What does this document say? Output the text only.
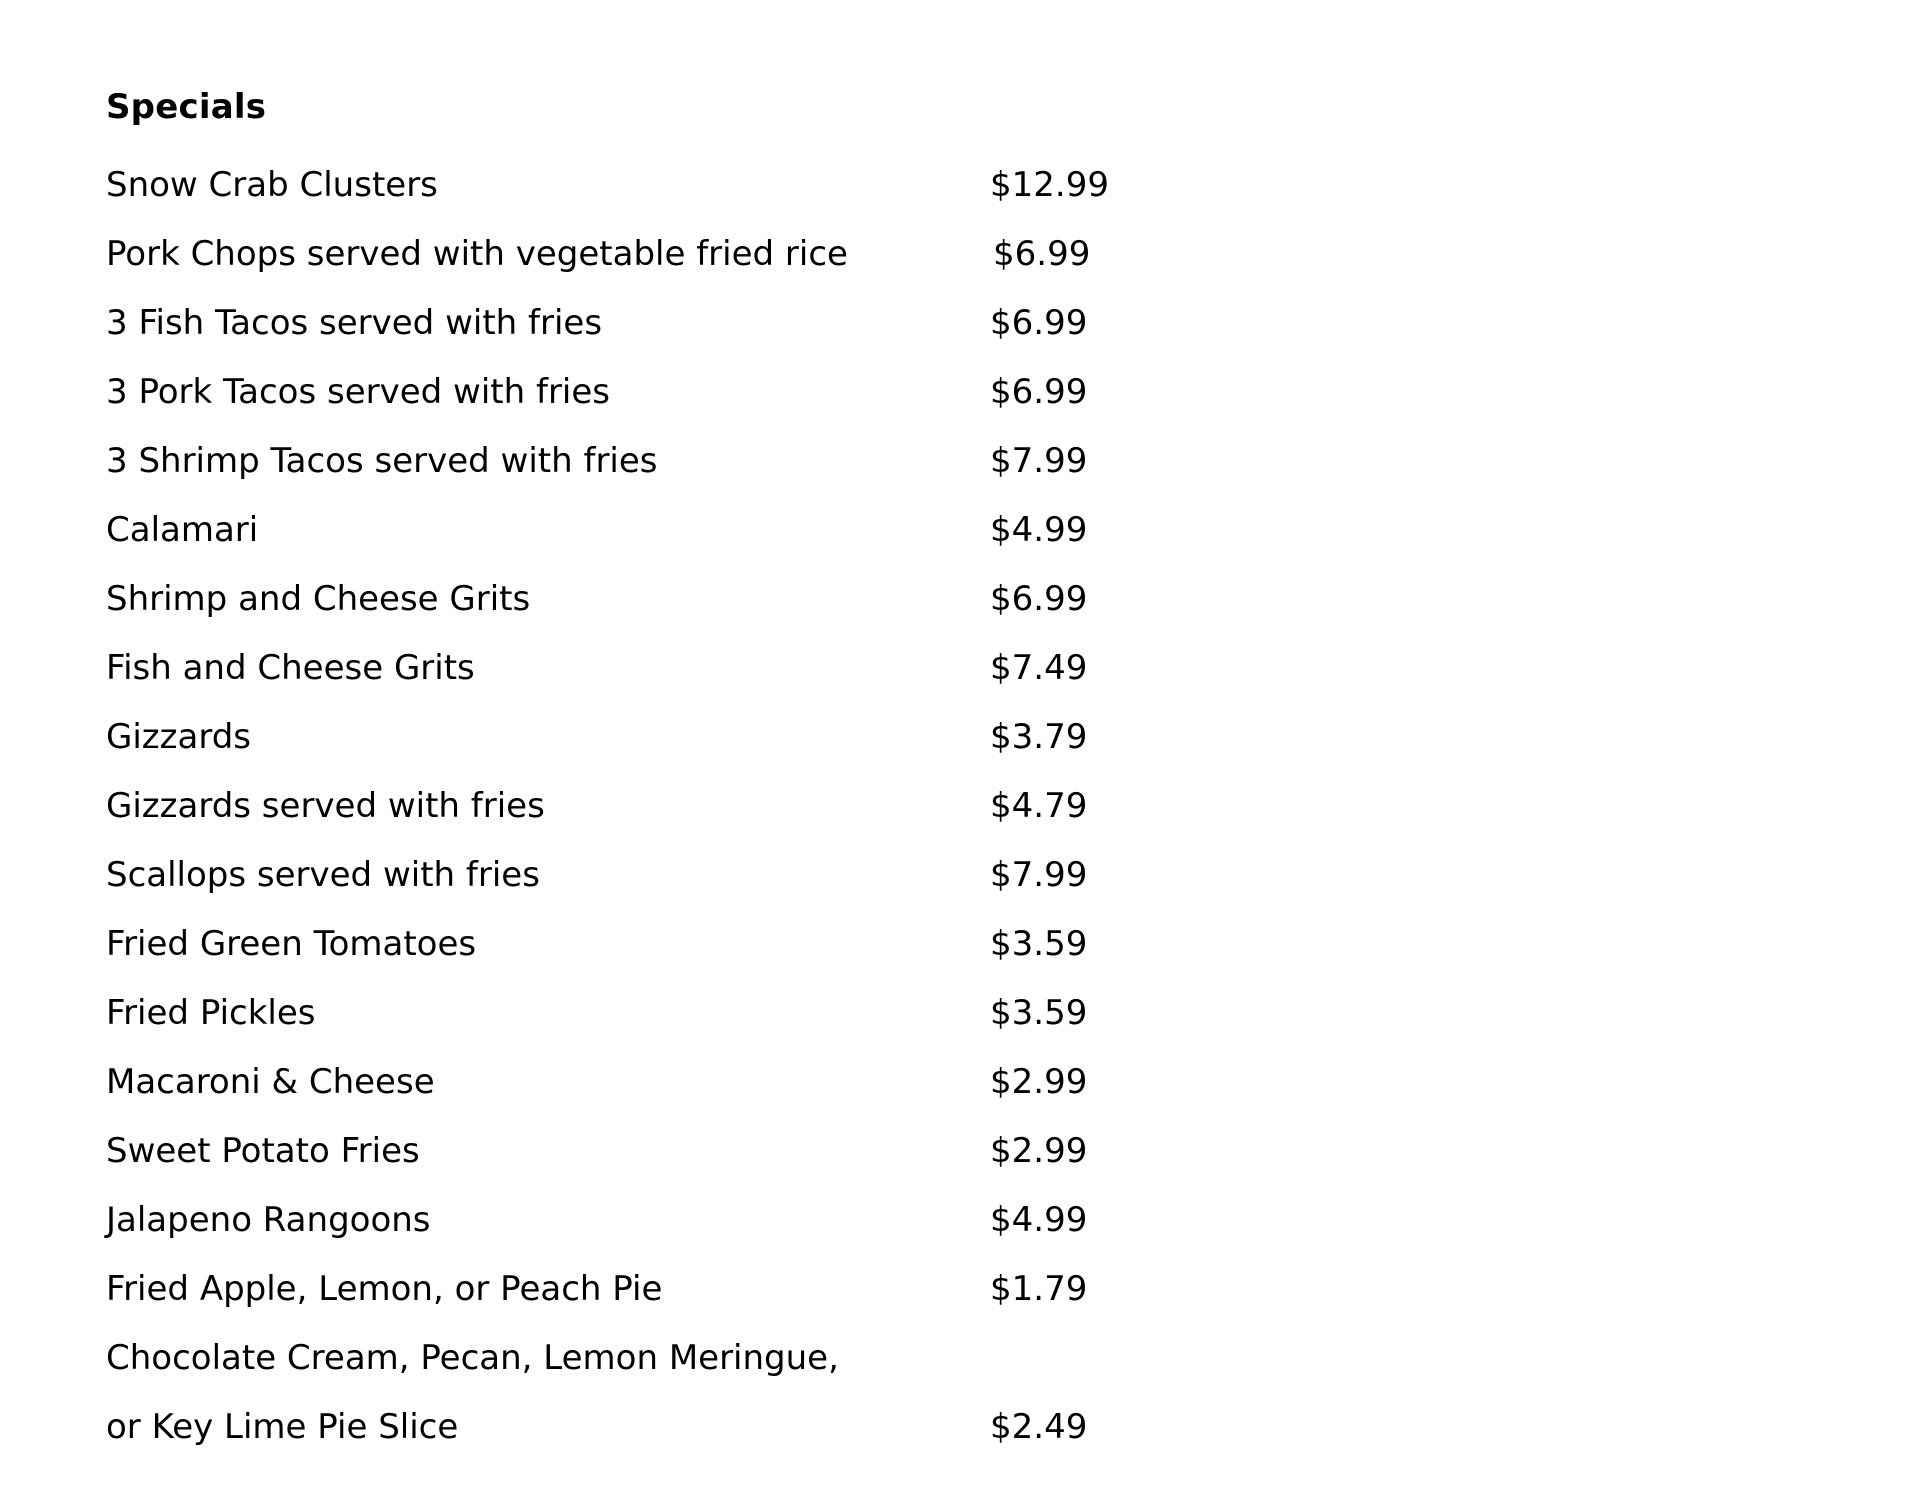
Specials
Snow Crab Clusters	$12.99
Pork Chops served with vegetable fried rice	$6.99
3 Fish Tacos served with fries	$6.99
3 Pork Tacos served with fries	$6.99
3 Shrimp Tacos served with fries	$7.99
Calamari	$4.99
Shrimp and Cheese Grits	$6.99
Fish and Cheese Grits	$7.49
Gizzards	$3.79
Gizzards served with fries	$4.79
Scallops served with fries	$7.99
Fried Green Tomatoes	$3.59
Fried Pickles	$3.59
Macaroni & Cheese	$2.99
Sweet Potato Fries	$2.99
Jalapeno Rangoons	$4.99
Fried Apple, Lemon, or Peach Pie	$1.79
Chocolate Cream, Pecan, Lemon Meringue,
or Key Lime Pie Slice	$2.49
